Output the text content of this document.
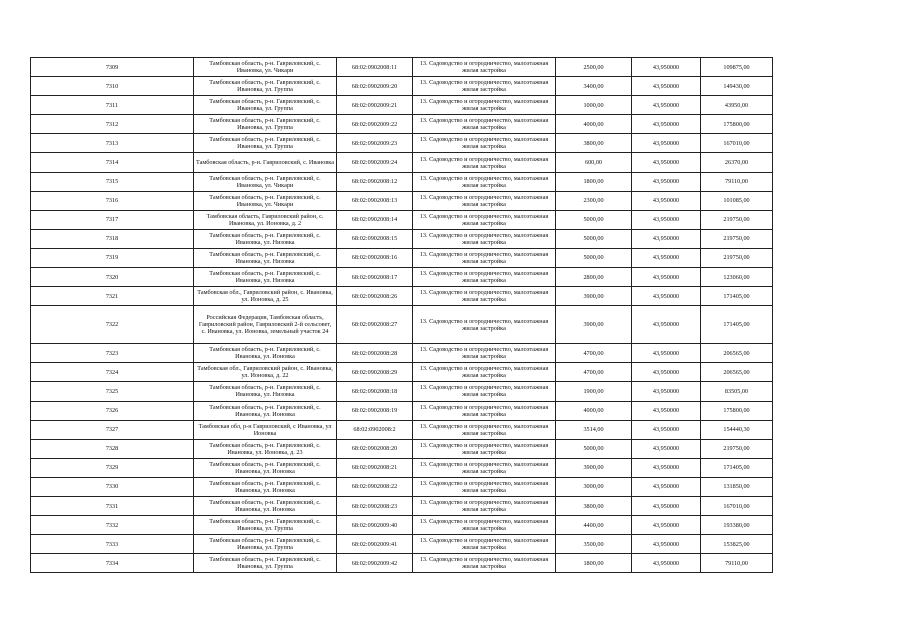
7309	Тамбовская область, р-н. Гавриловский, с. Ивановка, ул. Чикари	68:02:0902008:11	13. Садоводство и огородничество, малоэтажная жилая застройка	2500,00	43,950000	109875,00
7310	Тамбовская область, р-н. Гавриловский, с. Ивановка, ул. Группа	68:02:0902009:20	13. Садоводство и огородничество, малоэтажная жилая застройка	3400,00	43,950000	149430,00
7311	Тамбовская область, р-н. Гавриловский, с. Ивановка, ул. Группа	68:02:0902009:21	13. Садоводство и огородничество, малоэтажная жилая застройка	1000,00	43,950000	43950,00
7312	Тамбовская область, р-н. Гавриловский, с. Ивановка, ул. Группа	68:02:0902009:22	13. Садоводство и огородничество, малоэтажная жилая застройка	4000,00	43,950000	175800,00
7313	Тамбовская область, р-н. Гавриловский, с. Ивановка, ул. Группа	68:02:0902009:23	13. Садоводство и огородничество, малоэтажная жилая застройка	3800,00	43,950000	167010,00
7314	Тамбовская область, р-н. Гавриловский, с. Ивановка	68:02:0902009:24	13. Садоводство и огородничество, малоэтажная жилая застройка	600,00	43,950000	26370,00
7315	Тамбовская область, р-н. Гавриловский, с. Ивановка, ул. Чикари	68:02:0902008:12	13. Садоводство и огородничество, малоэтажная жилая застройка	1800,00	43,950000	79110,00
7316	Тамбовская область, р-н. Гавриловский, с. Ивановка, ул. Чикари	68:02:0902008:13	13. Садоводство и огородничество, малоэтажная жилая застройка	2300,00	43,950000	101085,00
7317	Тамбовская область, Гавриловский район, с. Ивановка, ул. Ионовка, д. 2	68:02:0902008:14	13. Садоводство и огородничество, малоэтажная жилая застройка	5000,00	43,950000	219750,00
7318	Тамбовская область, р-н. Гавриловский, с. Ивановка, ул. Низовка	68:02:0902008:15	13. Садоводство и огородничество, малоэтажная жилая застройка	5000,00	43,950000	219750,00
7319	Тамбовская область, р-н. Гавриловский, с. Ивановка, ул. Низовка	68:02:0902008:16	13. Садоводство и огородничество, малоэтажная жилая застройка	5000,00	43,950000	219750,00
7320	Тамбовская область, р-н. Гавриловский, с. Ивановка, ул. Низовка	68:02:0902008:17	13. Садоводство и огородничество, малоэтажная жилая застройка	2800,00	43,950000	123060,00
7321	Тамбовская обл., Гавриловский район, с. Ивановка, ул. Ионовка, д. 25	68:02:0902008:26	13. Садоводство и огородничество, малоэтажная жилая застройка	3900,00	43,950000	171405,00
7322	Российская Федерация, Тамбовская область, Гавриловский район, Гавриловский 2-й сельсовет, с. Ивановка, ул. Ионовка, земельный участок 24	68:02:0902008:27	13. Садоводство и огородничество, малоэтажная жилая застройка	3900,00	43,950000	171405,00
7323	Тамбовская область, р-н. Гавриловский, с. Ивановка, ул. Ионовка	68:02:0902008:28	13. Садоводство и огородничество, малоэтажная жилая застройка	4700,00	43,950000	206565,00
7324	Тамбовская обл., Гавриловский район, с. Ивановка, ул. Ионовка, д. 22	68:02:0902008:29	13. Садоводство и огородничество, малоэтажная жилая застройка	4700,00	43,950000	206565,00
7325	Тамбовская область, р-н. Гавриловский, с. Ивановка, ул. Низовка	68:02:0902008:18	13. Садоводство и огородничество, малоэтажная жилая застройка	1900,00	43,950000	83505,00
7326	Тамбовская область, р-н. Гавриловский, с. Ивановка, ул. Ионовка	68:02:0902008:19	13. Садоводство и огородничество, малоэтажная жилая застройка	4000,00	43,950000	175800,00
7327	Тамбовская обл, р-н Гавриловский, с Ивановка, ул Ионовка	68:02:0902008:2	13. Садоводство и огородничество, малоэтажная жилая застройка	3514,00	43,950000	154440,30
7328	Тамбовская область, р-н. Гавриловский, с. Ивановка, ул. Ионовка, д. 23	68:02:0902008:20	13. Садоводство и огородничество, малоэтажная жилая застройка	5000,00	43,950000	219750,00
7329	Тамбовская область, р-н. Гавриловский, с. Ивановка, ул. Ионовка	68:02:0902008:21	13. Садоводство и огородничество, малоэтажная жилая застройка	3900,00	43,950000	171405,00
7330	Тамбовская область, р-н. Гавриловский, с. Ивановка, ул. Ионовка	68:02:0902008:22	13. Садоводство и огородничество, малоэтажная жилая застройка	3000,00	43,950000	131850,00
7331	Тамбовская область, р-н. Гавриловский, с. Ивановка, ул. Ионовка	68:02:0902008:23	13. Садоводство и огородничество, малоэтажная жилая застройка	3800,00	43,950000	167010,00
7332	Тамбовская область, р-н. Гавриловский, с. Ивановка, ул. Группа	68:02:0902009:40	13. Садоводство и огородничество, малоэтажная жилая застройка	4400,00	43,950000	193380,00
7333	Тамбовская область, р-н. Гавриловский, с. Ивановка, ул. Группа	68:02:0902009:41	13. Садоводство и огородничество, малоэтажная жилая застройка	3500,00	43,950000	153825,00
7334	Тамбовская область, р-н. Гавриловский, с. Ивановка, ул. Группа	68:02:0902009:42	13. Садоводство и огородничество, малоэтажная жилая застройка	1800,00	43,950000	79110,00
